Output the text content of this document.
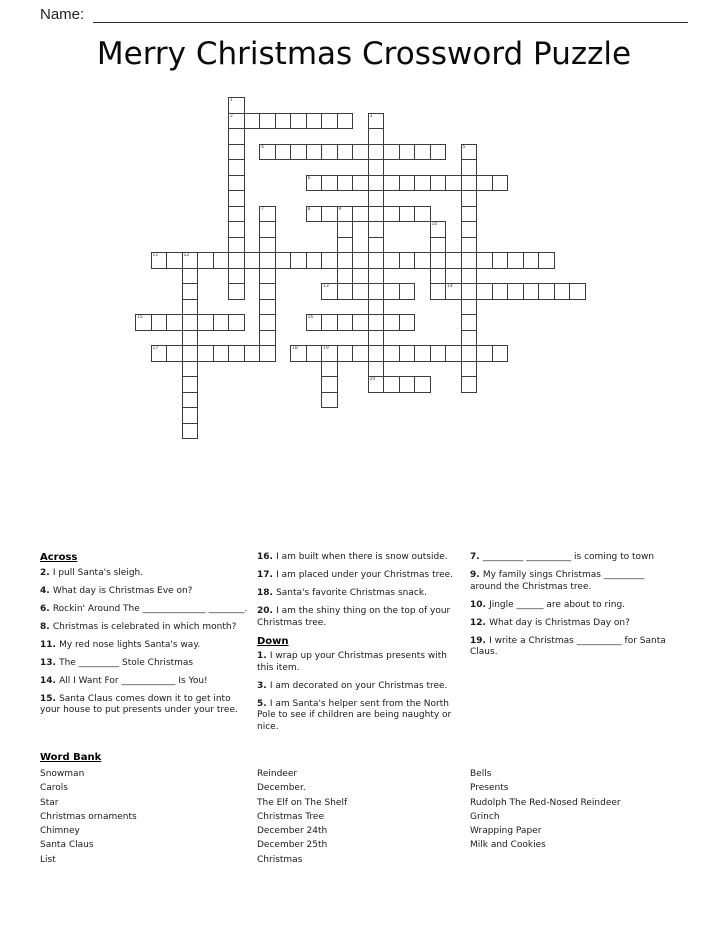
Name:
Merry Christmas Crossword Puzzle
1
2	3
20
4	5
6
7	8	9
10
11	12
13	14
15	16
17	18	19
Across
2. I pull Santa's sleigh.
4. What day is Christmas Eve on?
6. Rockin' Around The ______________ ________.
8. Christmas is celebrated in which month?
11. My red nose lights Santa's way.
13. The _________ Stole Christmas
14. All I Want For ____________ Is You!
15. Santa Claus comes down it to get into your house to put presents under your tree.
16. I am built when there is snow outside.
17. I am placed under your Christmas tree.
18. Santa's favorite Christmas snack.
20. I am the shiny thing on the top of your Christmas tree.
Down
1. I wrap up your Christmas presents with this item.
3. I am decorated on your Christmas tree.
5. I am Santa's helper sent from the North Pole to see if children are being naughty or nice.
7. _________ __________ is coming to town
9. My family sings Christmas _________ around the Christmas tree.
10. Jingle ______ are about to ring.
12. What day is Christmas Day on?
19. I write a Christmas __________ for Santa Claus.
Word Bank
Snowman
Carols
Star
Christmas ornaments
Chimney
Santa Claus
List
Reindeer
December.
The Elf on The Shelf
Christmas Tree
December 24th
December 25th
Christmas
Bells
Presents
Rudolph The Red-Nosed Reindeer
Grinch
Wrapping Paper
Milk and Cookies
